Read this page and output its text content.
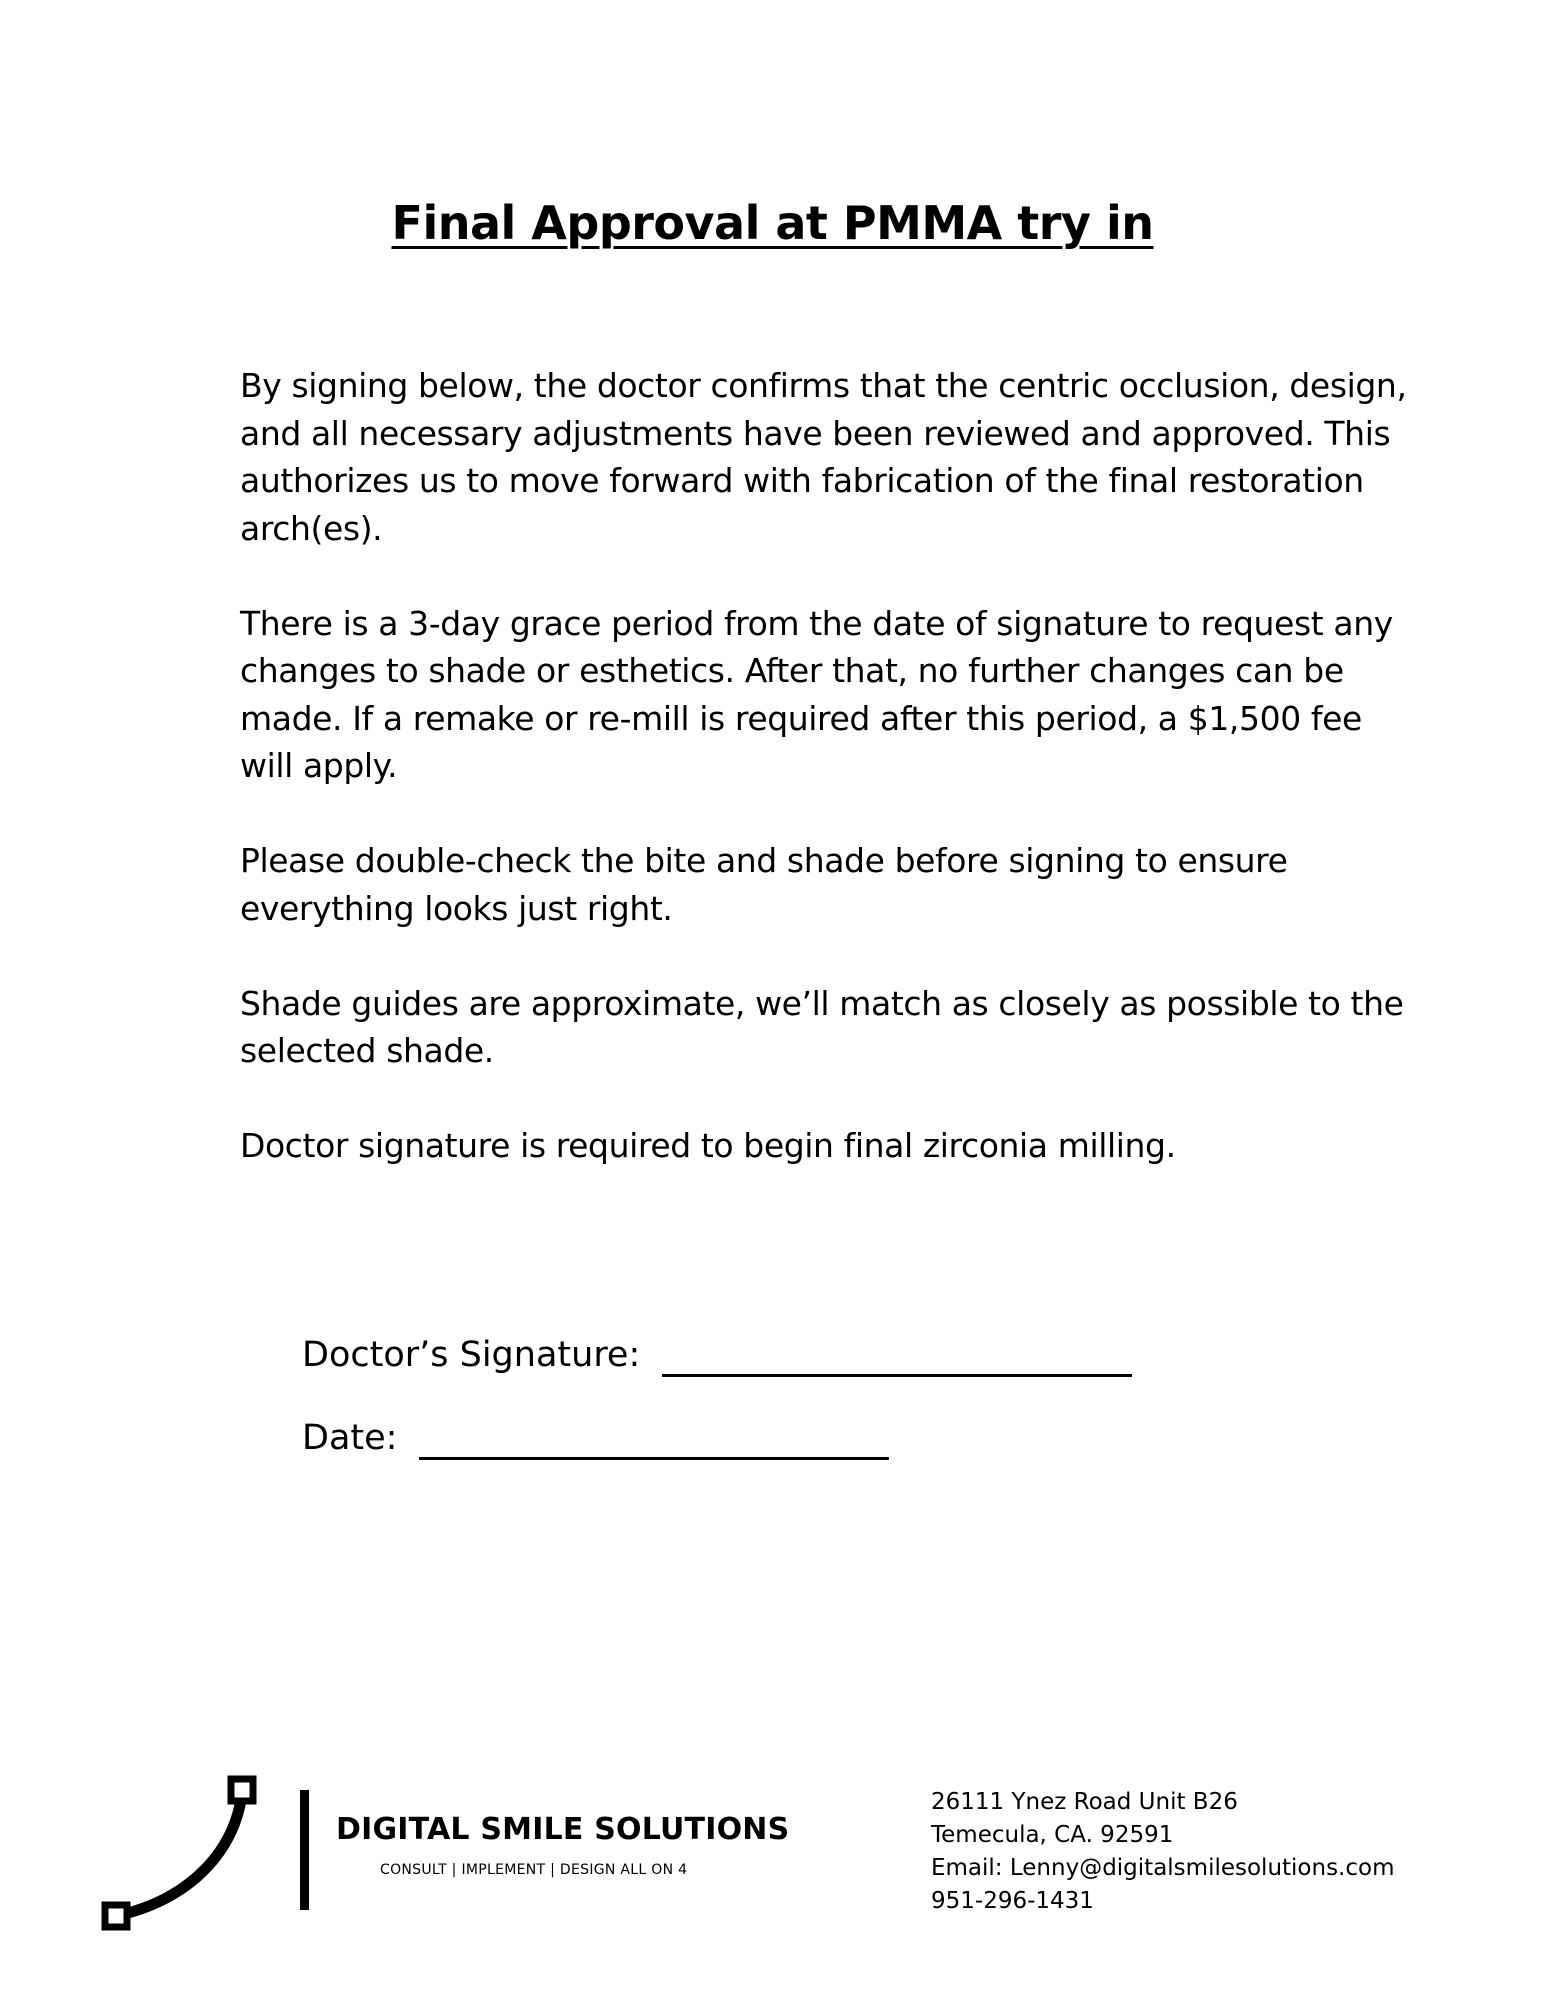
Final Approval at PMMA try in

By signing below, the doctor confirms that the centric occlusion, design, and all necessary adjustments have been reviewed and approved. This authorizes us to move forward with fabrication of the final restoration arch(es).

There is a 3-day grace period from the date of signature to request any changes to shade or esthetics. After that, no further changes can be made. If a remake or re-mill is required after this period, a $1,500 fee will apply.

Please double-check the bite and shade before signing to ensure everything looks just right.

Shade guides are approximate, we’ll match as closely as possible to the selected shade.

Doctor signature is required to begin final zirconia milling.

Doctor’s Signature:
Date:
DIGITAL SMILE SOLUTIONS
CONSULT | IMPLEMENT | DESIGN ALL ON 4
26111 Ynez Road Unit B26
Temecula, CA. 92591
Email: Lenny@digitalsmilesolutions.com
951-296-1431
